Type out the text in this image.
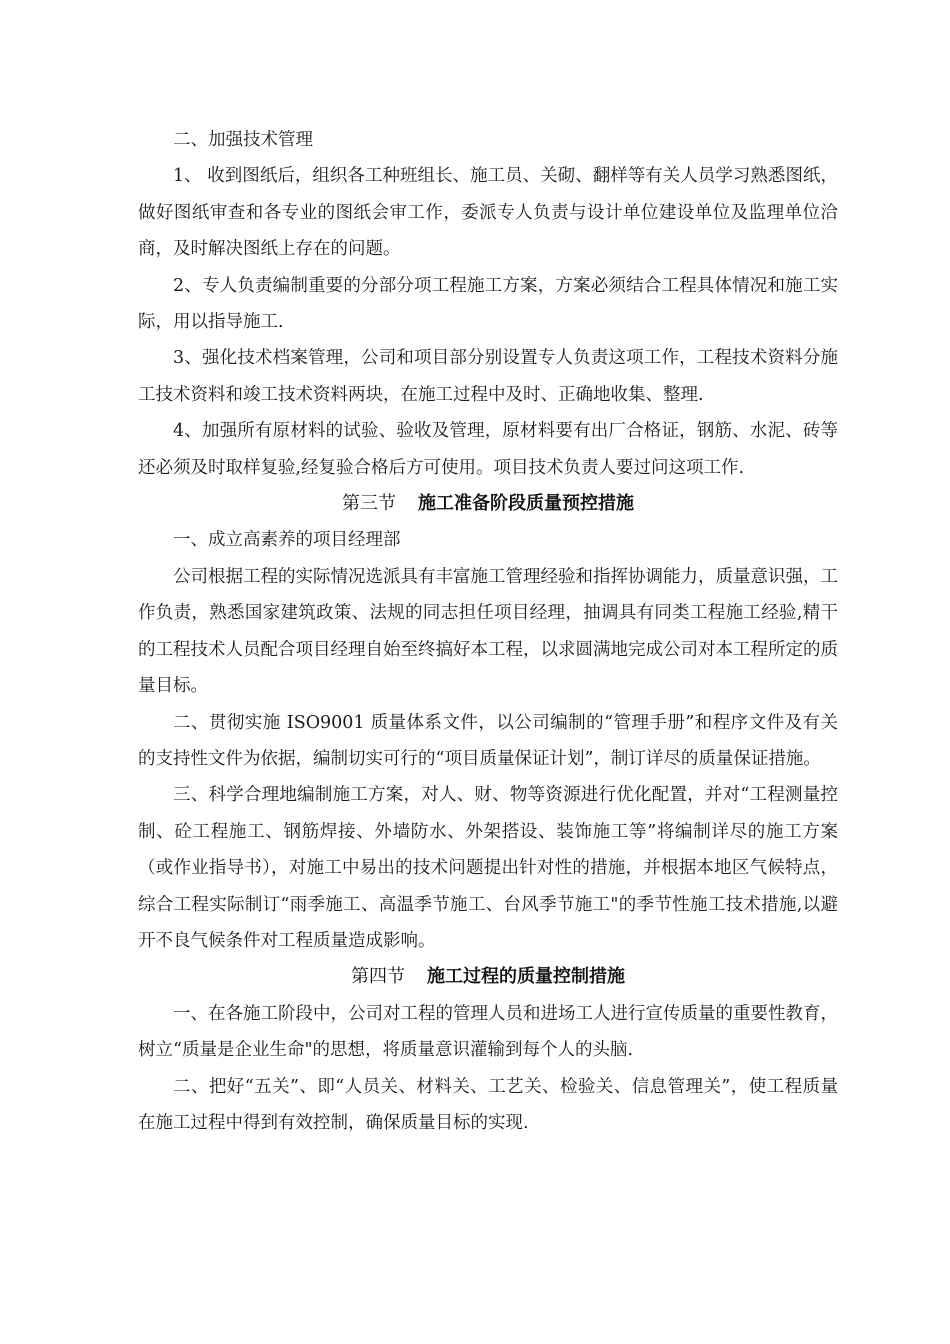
二、加强技术管理

1、 收到图纸后，组织各工种班组长、施工员、关砌、翻样等有关人员学习熟悉图纸，做好图纸审查和各专业的图纸会审工作，委派专人负责与设计单位建设单位及监理单位洽商，及时解决图纸上存在的问题。

2、专人负责编制重要的分部分项工程施工方案，方案必须结合工程具体情况和施工实际，用以指导施工.

3、强化技术档案管理，公司和项目部分别设置专人负责这项工作，工程技术资料分施工技术资料和竣工技术资料两块，在施工过程中及时、正确地收集、整理.

4、加强所有原材料的试验、验收及管理，原材料要有出厂合格证，钢筋、水泥、砖等还必须及时取样复验,经复验合格后方可使用。项目技术负责人要过问这项工作.

第三节 施工准备阶段质量预控措施

一、成立高素养的项目经理部

公司根据工程的实际情况选派具有丰富施工管理经验和指挥协调能力，质量意识强，工作负责，熟悉国家建筑政策、法规的同志担任项目经理，抽调具有同类工程施工经验,精干的工程技术人员配合项目经理自始至终搞好本工程，以求圆满地完成公司对本工程所定的质量目标。

二、贯彻实施 ISO9001 质量体系文件，以公司编制的“管理手册”和程序文件及有关的支持性文件为依据，编制切实可行的“项目质量保证计划”，制订详尽的质量保证措施。

三、科学合理地编制施工方案，对人、财、物等资源进行优化配置，并对“工程测量控制、砼工程施工、钢筋焊接、外墙防水、外架搭设、装饰施工等”将编制详尽的施工方案（或作业指导书），对施工中易出的技术问题提出针对性的措施，并根据本地区气候特点，综合工程实际制订“雨季施工、高温季节施工、台风季节施工"的季节性施工技术措施,以避开不良气候条件对工程质量造成影响。

第四节 施工过程的质量控制措施

一、在各施工阶段中，公司对工程的管理人员和进场工人进行宣传质量的重要性教育，树立“质量是企业生命"的思想，将质量意识灌输到每个人的头脑.

二、把好“五关”、即“人员关、材料关、工艺关、检验关、信息管理关”，使工程质量在施工过程中得到有效控制，确保质量目标的实现.
